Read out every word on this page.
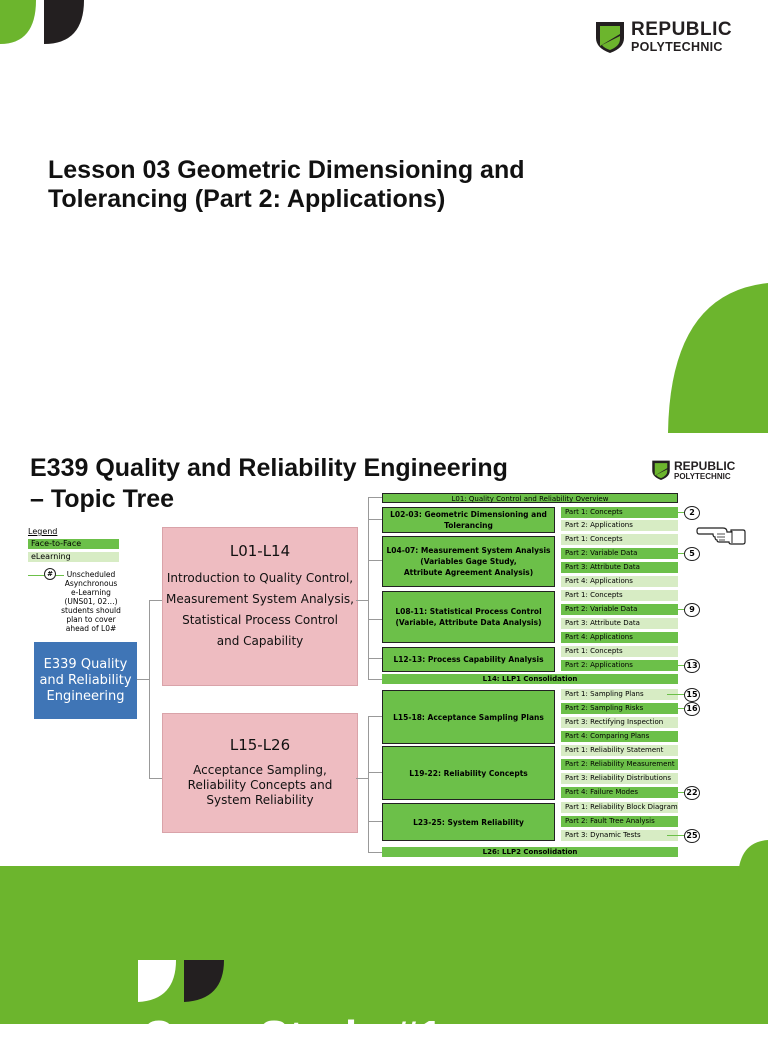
REPUBLIC
POLYTECHNIC
Lesson 03 Geometric Dimensioning and
Tolerancing (Part 2: Applications)
E339 Quality and Reliability Engineering
– Topic Tree
REPUBLIC
POLYTECHNIC
Legend
Face-to-Face
eLearning
#	Unscheduled
Asynchronous
e-Learning
(UNS01, 02…)
students should
plan to cover
ahead of L0#
E339 Quality
and Reliability
Engineering
L01-L14
Introduction to Quality Control,
Measurement System Analysis,
Statistical Process Control
and Capability
L15-L26
Acceptance Sampling,
Reliability Concepts and
System Reliability
L01: Quality Control and Reliability Overview
L14: LLP1 Consolidation
L26: LLP2 Consolidation
L02-03: Geometric Dimensioning and
Tolerancing
L04-07: Measurement System Analysis
(Variables Gage Study,
Attribute Agreement Analysis)
L08-11: Statistical Process Control
(Variable, Attribute Data Analysis)
L12-13: Process Capability Analysis
L15-18: Acceptance Sampling Plans
L19-22: Reliability Concepts
L23-25: System Reliability
Part 1: Concepts	2
Part 2: Applications
Part 1: Concepts
Part 2: Variable Data	5
Part 3: Attribute Data
Part 4: Applications
Part 1: Concepts
Part 2: Variable Data	9
Part 3: Attribute Data
Part 4: Applications
Part 1: Concepts
Part 2: Applications	13
Part 1: Sampling Plans	15
Part 2: Sampling Risks	16
Part 3: Rectifying Inspection
Part 4: Comparing Plans
Part 1: Reliability Statement
Part 2: Reliability Measurement
Part 3: Reliability Distributions
Part 4: Failure Modes	22
Part 1: Reliability Block Diagram
Part 2: Fault Tree Analysis
Part 3: Dynamic Tests	25
Case Study #1
